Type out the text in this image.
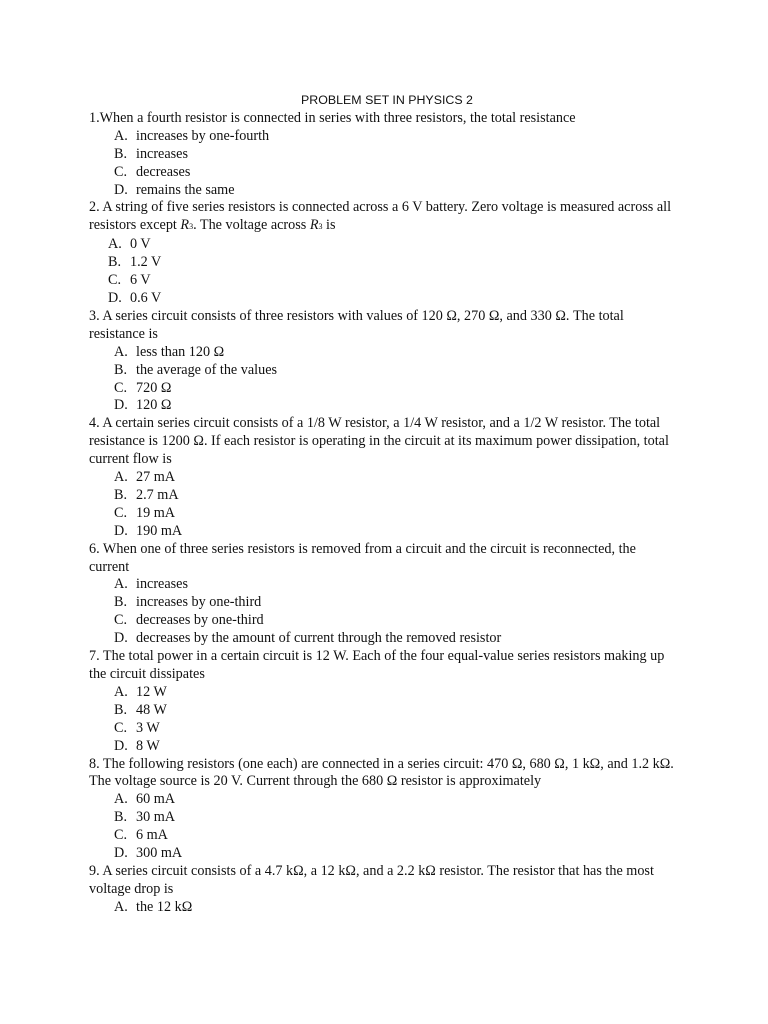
PROBLEM SET IN PHYSICS 2

1.When a fourth resistor is connected in series with three resistors, the total resistance

A. increases by one-fourth
B. increases
C. decreases
D. remains the same

2. A string of five series resistors is connected across a 6 V battery. Zero voltage is measured across all resistors except R3. The voltage across R3 is

A. 0 V
B. 1.2 V
C. 6 V
D. 0.6 V

3. A series circuit consists of three resistors with values of 120 Ω, 270 Ω, and 330 Ω. The total resistance is

A. less than 120 Ω
B. the average of the values
C. 720 Ω
D. 120 Ω

4. A certain series circuit consists of a 1/8 W resistor, a 1/4 W resistor, and a 1/2 W resistor. The total resistance is 1200 Ω. If each resistor is operating in the circuit at its maximum power dissipation, total current flow is

A. 27 mA
B. 2.7 mA
C. 19 mA
D. 190 mA

6. When one of three series resistors is removed from a circuit and the circuit is reconnected, the current

A. increases
B. increases by one-third
C. decreases by one-third
D. decreases by the amount of current through the removed resistor

7. The total power in a certain circuit is 12 W. Each of the four equal-value series resistors making up the circuit dissipates

A. 12 W
B. 48 W
C. 3 W
D. 8 W

8. The following resistors (one each) are connected in a series circuit: 470 Ω, 680 Ω, 1 kΩ, and 1.2 kΩ. The voltage source is 20 V. Current through the 680 Ω resistor is approximately

A. 60 mA
B. 30 mA
C. 6 mA
D. 300 mA

9. A series circuit consists of a 4.7 kΩ, a 12 kΩ, and a 2.2 kΩ resistor. The resistor that has the most voltage drop is

A. the 12 kΩ
